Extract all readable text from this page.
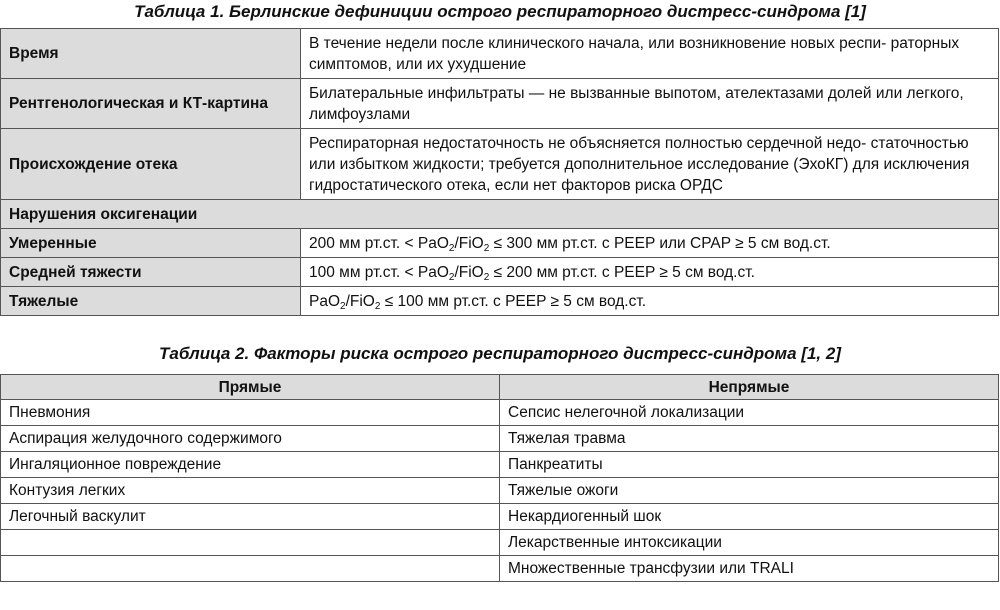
Таблица 1. Берлинские дефиниции острого респираторного дистресс-синдрома [1]
Время	В течение недели после клинического начала, или возникновение новых респи- раторных симптомов, или их ухудшение
Рентгенологическая и КТ-картина	Билатеральные инфильтраты — не вызванные выпотом, ателектазами долей или легкого, лимфоузлами
Происхождение отека	Респираторная недостаточность не объясняется полностью сердечной недо- статочностью или избытком жидкости; требуется дополнительное исследование (ЭхоКГ) для исключения гидростатического отека, если нет факторов риска ОРДС
Нарушения оксигенации	
Умеренные	200 мм рт.ст. < PaO$_2$/FiO$_2$ ≤ 300 мм рт.ст. с PEEP или CPAP ≥ 5 см вод.ст.
Средней тяжести	100 мм рт.ст. < PaO$_2$/FiO$_2$ ≤ 200 мм рт.ст. с PEEP ≥ 5 см вод.ст.
Тяжелые	PaO$_2$/FiO$_2$ ≤ 100 мм рт.ст. с PEEP ≥ 5 см вод.ст.
Таблица 2. Факторы риска острого респираторного дистресс-синдрома [1, 2]
Прямые	Непрямые
Пневмония	Сепсис нелегочной локализации
Аспирация желудочного содержимого	Тяжелая травма
Ингаляционное повреждение	Панкреатиты
Контузия легких	Тяжелые ожоги
Легочный васкулит	Некардиогенный шок
	Лекарственные интоксикации
	Множественные трансфузии или TRALI
